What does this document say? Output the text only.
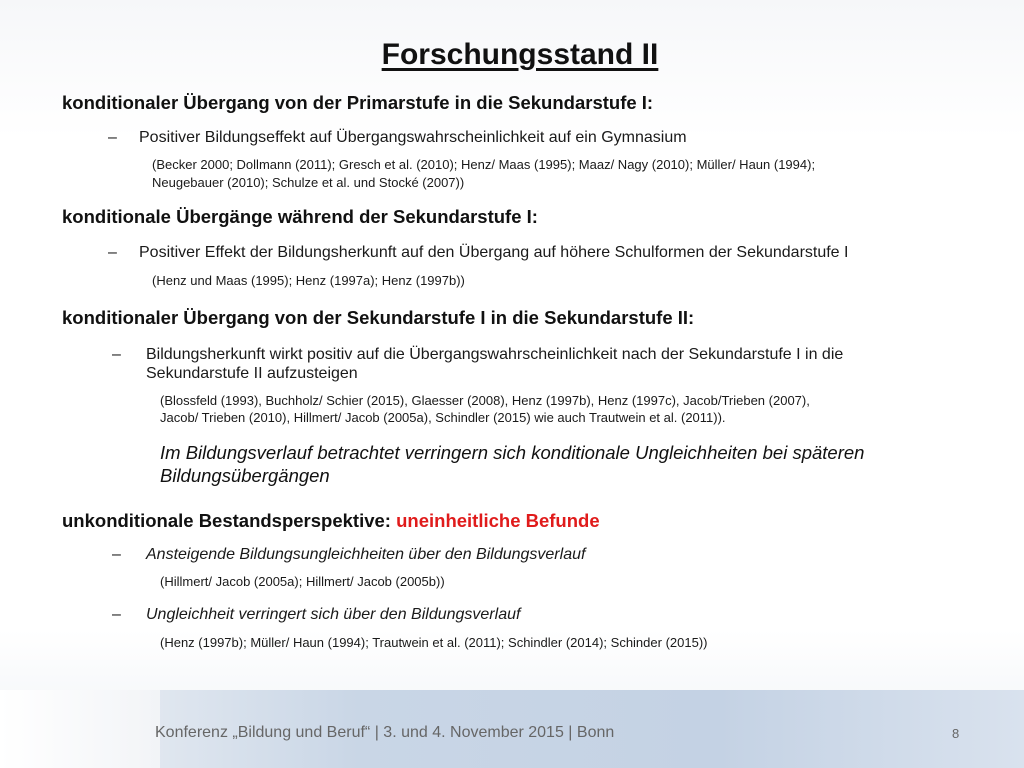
Forschungsstand II
konditionaler Übergang von der Primarstufe in die Sekundarstufe I:
– Positiver Bildungseffekt auf Übergangswahrscheinlichkeit auf ein Gymnasium
(Becker 2000; Dollmann (2011); Gresch et al. (2010); Henz/ Maas (1995); Maaz/ Nagy (2010); Müller/ Haun (1994);
Neugebauer (2010); Schulze et al. und Stocké (2007))
konditionale Übergänge während der Sekundarstufe I:
– Positiver Effekt der Bildungsherkunft auf den Übergang auf höhere Schulformen der Sekundarstufe I
(Henz und Maas (1995); Henz (1997a); Henz (1997b))
konditionaler Übergang von der Sekundarstufe I in die Sekundarstufe II:
– Bildungsherkunft wirkt positiv auf die Übergangswahrscheinlichkeit nach der Sekundarstufe I in die
Sekundarstufe II aufzusteigen
(Blossfeld (1993), Buchholz/ Schier (2015), Glaesser (2008), Henz (1997b), Henz (1997c), Jacob/Trieben (2007),
Jacob/ Trieben (2010), Hillmert/ Jacob (2005a), Schindler (2015) wie auch Trautwein et al. (2011)).
Im Bildungsverlauf betrachtet verringern sich konditionale Ungleichheiten bei späteren
Bildungsübergängen
unkonditionale Bestandsperspektive: uneinheitliche Befunde
– Ansteigende Bildungsungleichheiten über den Bildungsverlauf
(Hillmert/ Jacob (2005a); Hillmert/ Jacob (2005b))
– Ungleichheit verringert sich über den Bildungsverlauf
(Henz (1997b); Müller/ Haun (1994); Trautwein et al. (2011); Schindler (2014); Schinder (2015))
Konferenz „Bildung und Beruf“ | 3. und 4. November 2015 | Bonn	8
